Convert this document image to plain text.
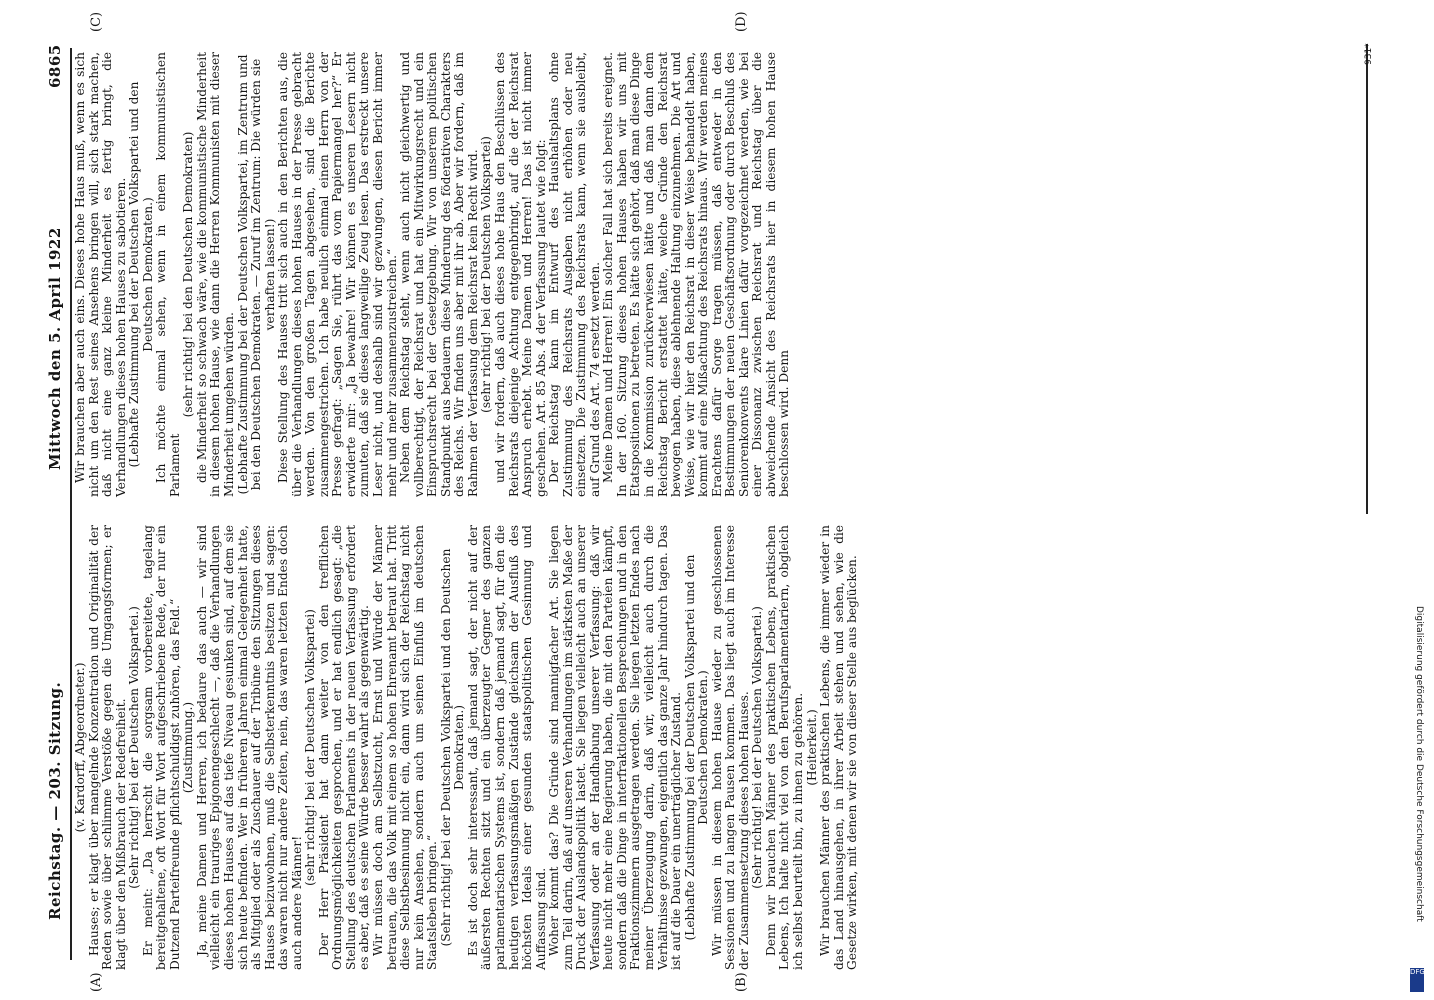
Reichstag. — 203. Sitzung.
Mittwoch den 5. April 1922
6865
(A)	(B)
(C)	(D)
931*

(v. Kardorff, Abgeordneter.) Hauses; er klagt über mangelnde Konzentration und Originalität der Reden sowie über schlimme Verstöße gegen die Umgangsformen; er klagt über den Mißbrauch der Redefreiheit. (Sehr richtig! bei der Deutschen Volkspartei.) Er meint: „Da herrscht die sorgsam vorbereitete, tagelang bereitgehaltene, oft Wort für Wort aufgeschriebene Rede, der nur ein Dutzend Parteifreunde pflichtschuldigst zuhören, das Feld.“ (Zustimmung.) Ja, meine Damen und Herren, ich bedaure das auch — wir sind vielleicht ein trauriges Epigonengeschlecht —, daß die Verhandlungen dieses hohen Hauses auf das tiefe Niveau gesunken sind, auf dem sie sich heute befinden. Wer in früheren Jahren einmal Gelegenheit hatte, als Mitglied oder als Zuschauer auf der Tribüne den Sitzungen dieses Hauses beizuwohnen, muß die Selbsterkenntnis besitzen und sagen: das waren nicht nur andere Zeiten, nein, das waren letzten Endes doch auch andere Männer!

(sehr richtig! bei der Deutschen Volkspartei) Der Herr Präsident hat dann weiter von den trefflichen Ordnungsmöglichkeiten gesprochen, und er hat endlich gesagt: „die Stellung des deutschen Parlaments in der neuen Verfassung erfordert es aber, daß es seine Würde besser wahrt als gegenwärtig. Wir müssen doch am Selbstzucht, Ernst und Würde der Männer betrauen, die das Volk mit einem so hohen Ehrenamt betraut hat. Tritt diese Selbstbesinnung nicht ein, dann wird sich der Reichstag nicht nur kein Ansehen, sondern auch um seinen Einfluß im deutschen Staatsleben bringen.“ (Sehr richtig! bei der Deutschen Volkspartei und den Deutschen Demokraten.) Es ist doch sehr interessant, daß jemand sagt, der nicht auf der äußersten Rechten sitzt und ein überzeugter Gegner des ganzen parlamentarischen Systems ist, sondern daß jemand sagt, für den die heutigen verfassungsmäßigen Zustände gleichsam der Ausfluß des höchsten Ideals einer gesunden staatspolitischen Gesinnung und Auffassung sind. Woher kommt das? Die Gründe sind mannigfacher Art. Sie liegen zum Teil darin, daß auf unseren Verhandlungen im stärksten Maße der Druck der Auslandspolitik lastet. Sie liegen vielleicht auch an unserer Verfassung oder an der Handhabung unserer Verfassung: daß wir heute nicht mehr eine Regierung haben, die mit den Parteien kämpft, sondern daß die Dinge in interfraktionellen Besprechungen und in den Fraktionszimmern ausgetragen werden. Sie liegen letzten Endes nach meiner Überzeugung darin, daß wir, vielleicht auch durch die Verhältnisse gezwungen, eigentlich das ganze Jahr hindurch tagen. Das ist auf die Dauer ein unerträglicher Zustand. (Lebhafte Zustimmung bei der Deutschen Volkspartei und den Deutschen Demokraten.) Wir müssen in diesem hohen Hause wieder zu geschlossenen Sessionen und zu langen Pausen kommen. Das liegt auch im Interesse der Zusammensetzung dieses hohen Hauses. (Sehr richtig! bei der Deutschen Volkspartei.) Denn wir brauchen Männer des praktischen Lebens, praktischen Lebens, Ich halte nicht viel von den Berufsparlamentariern, obgleich ich selbst beurteilt bin, zu ihnen zu gehören. (Heiterkeit.) Wir brauchen Männer des praktischen Lebens, die immer wieder in das Land hinausgehen, in ihrer Arbeit stehen und sehen, wie die Gesetze wirken, mit denen wir sie von dieser Stelle aus beglücken.

Wir brauchen aber auch eins. Dieses hohe Haus muß, wenn es sich nicht um den Rest seines Ansehens bringen will, sich stark machen, daß nicht eine ganz kleine Minderheit es fertig bringt, die Verhandlungen dieses hohen Hauses zu sabotieren. (Lebhafte Zustimmung bei der Deutschen Volkspartei und den Deutschen Demokraten.) Ich möchte einmal sehen, wenn in einem kommunistischen Parlament

(sehr richtig! bei den Deutschen Demokraten) die Minderheit so schwach wäre, wie die kommunistische Minderheit in diesem hohen Hause, wie dann die Herren Kommunisten mit dieser Minderheit umgehen würden. (Lebhafte Zustimmung bei der Deutschen Volkspartei, im Zentrum und bei den Deutschen Demokraten. — Zuruf im Zentrum: Die würden sie verhaften lassen!) Diese Stellung des Hauses tritt sich auch in den Berichten aus, die über die Verhandlungen dieses hohen Hauses in der Presse gebracht werden. Von den großen Tagen abgesehen, sind die Berichte zusammengestrichen. Ich habe neulich einmal einen Herrn von der Presse gefragt: „Sagen Sie, rührt das vom Papiermangel her?“ Er erwiderte mir: „Ja bewahre! Wir können es unseren Lesern nicht zumuten, daß sie dieses langweilige Zeug lesen. Das erstreckt unsere Leser nicht, und deshalb sind wir gezwungen, diesen Bericht immer mehr und mehr zusammenzustreichen.“ Neben dem Reichstag steht, wenn auch nicht gleichwertig und vollberechtigt, der Reichsrat und hat ein Mitwirkungsrecht und ein Einspruchsrecht bei der Gesetzgebung. Wir von unserem politischen Standpunkt aus bedauern diese Minderung des föderativen Charakters des Reichs. Wir finden uns aber mit ihr ab. Aber wir fordern, daß im Rahmen der Verfassung dem Reichsrat kein Recht wird. (sehr richtig! bei der Deutschen Volkspartei) und wir fordern, daß auch dieses hohe Haus den Beschlüssen des Reichsrats diejenige Achtung entgegenbringt, auf die der Reichsrat Anspruch erhebt. Meine Damen und Herren! Das ist nicht immer geschehen. Art. 85 Abs. 4 der Verfassung lautet wie folgt: Der Reichstag kann im Entwurf des Haushaltsplans ohne Zustimmung des Reichsrats Ausgaben nicht erhöhen oder neu einsetzen. Die Zustimmung des Reichsrats kann, wenn sie ausbleibt, auf Grund des Art. 74 ersetzt werden. Meine Damen und Herren! Ein solcher Fall hat sich bereits ereignet. In der 160. Sitzung dieses hohen Hauses haben wir uns mit Etatspositionen zu betreten. Es hätte sich gehört, daß man diese Dinge in die Kommission zurückverwiesen hätte und daß man dann dem Reichstag Bericht erstattet hätte, welche Gründe den Reichsrat bewogen haben, diese ablehnende Haltung einzunehmen. Die Art und Weise, wie wir hier den Reichsrat in dieser Weise behandelt haben, kommt auf eine Mißachtung des Reichsrats hinaus. Wir werden meines Erachtens dafür Sorge tragen müssen, daß entweder in den Bestimmungen der neuen Geschäftsordnung oder durch Beschluß des Seniorenkonvents klare Linien dafür vorgezeichnet werden, wie bei einer Dissonanz zwischen Reichsrat und Reichstag über die abweichende Ansicht des Reichsrats hier in diesem hohen Hause beschlossen wird. Denn

Digitalisierung gefördert durch die Deutsche Forschungsgemeinschaft
DFG
